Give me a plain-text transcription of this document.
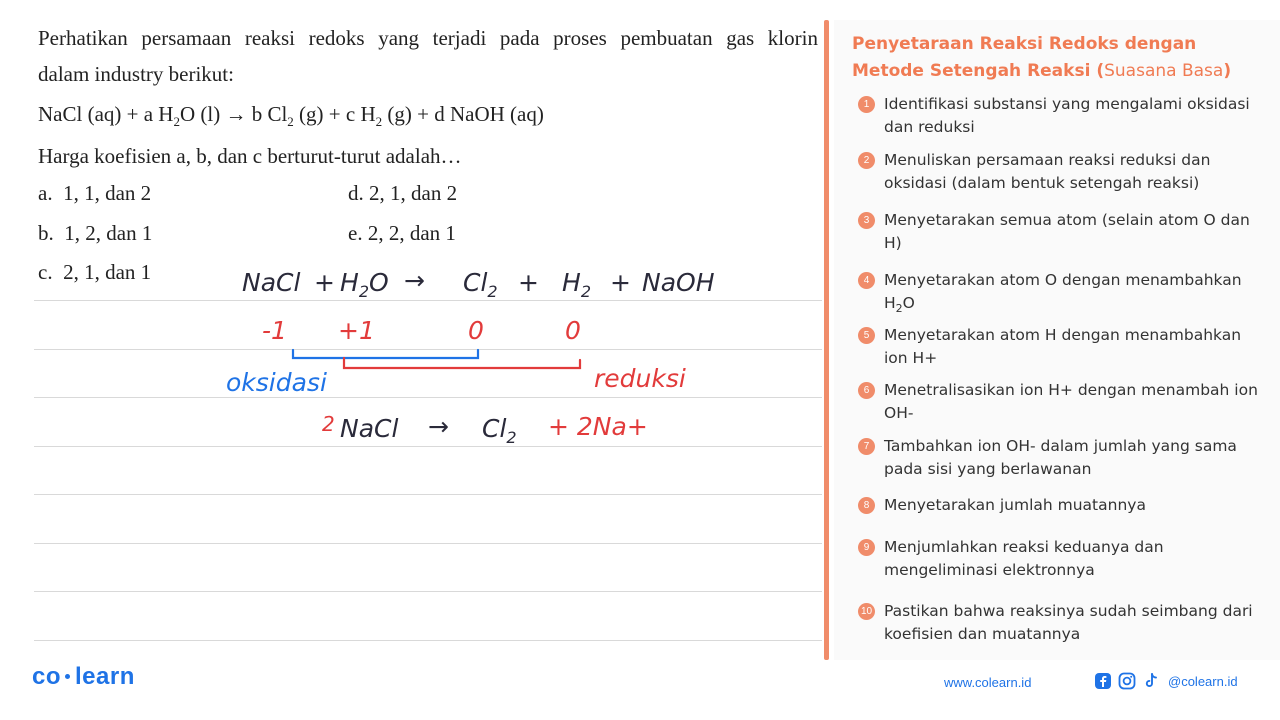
Perhatikan persamaan reaksi redoks yang terjadi pada proses pembuatan gas klorin
dalam industry berikut:
NaCl (aq) + a $H_2O$ (l) → b $Cl_2$ (g) + c $H_2$ (g) + d NaOH (aq)
Harga koefisien a, b, dan c berturut-turut adalah…
a. 1, 1, dan 2
b. 1, 2, dan 1
c. 2, 1, dan 1
d. 2, 1, dan 2
e. 2, 2, dan 1
NaCl + $H_2O \to Cl_2 + H_2$ + NaOH
-1 +1	0	0
oksidasi	reduksi
2 NaCl → $Cl_2 + 2Na+$
Penyetaraan Reaksi Redoks dengan
Metode Setengah Reaksi (Suasana Basa)
1 Identifikasi substansi yang mengalami oksidasi dan reduksi
2 Menuliskan persamaan reaksi reduksi dan oksidasi (dalam bentuk setengah reaksi)
3 Menyetarakan semua atom (selain atom O dan H)
4 Menyetarakan atom O dengan menambahkan $H_2O$
5 Menyetarakan atom H dengan menambahkan ion H+
6 Menetralisasikan ion H+ dengan menambah ion OH-
7 Tambahkan ion OH- dalam jumlah yang sama pada sisi yang berlawanan
8 Menyetarakan jumlah muatannya
9 Menjumlahkan reaksi keduanya dan mengeliminasi elektronnya
10 Pastikan bahwa reaksinya sudah seimbang dari koefisien dan muatannya
co learn	www.colearn.id	@colearn.id
